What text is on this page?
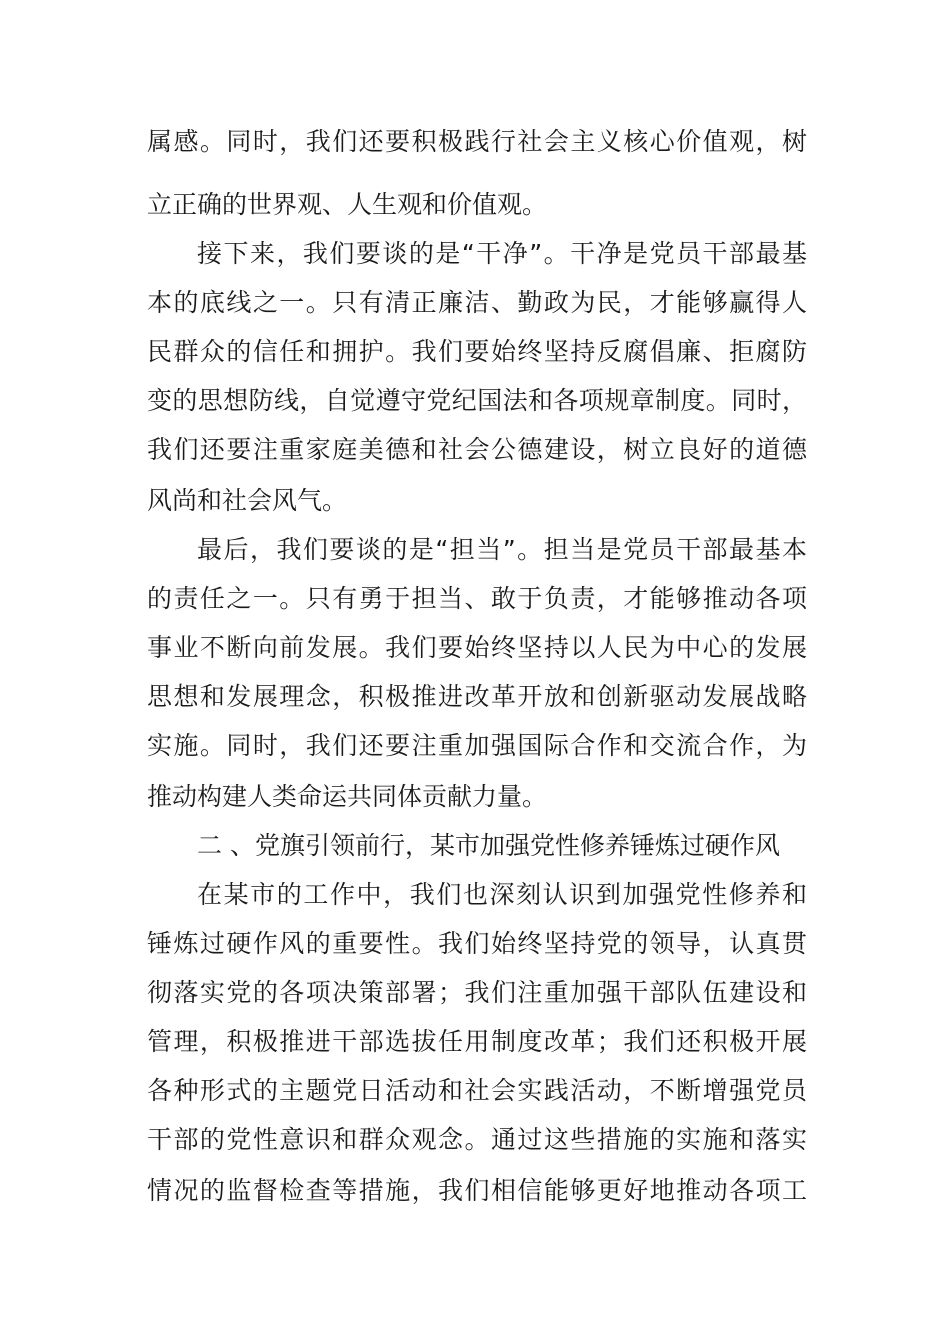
属感。同时，我们还要积极践行社会主义核心价值观，树
立正确的世界观、人生观和价值观。
接下来，我们要谈的是“干净”。干净是党员干部最基
本的底线之一。只有清正廉洁、勤政为民，才能够赢得人
民群众的信任和拥护。我们要始终坚持反腐倡廉、拒腐防
变的思想防线，自觉遵守党纪国法和各项规章制度。同时，
我们还要注重家庭美德和社会公德建设，树立良好的道德
风尚和社会风气。
最后，我们要谈的是“担当”。担当是党员干部最基本
的责任之一。只有勇于担当、敢于负责，才能够推动各项
事业不断向前发展。我们要始终坚持以人民为中心的发展
思想和发展理念，积极推进改革开放和创新驱动发展战略
实施。同时，我们还要注重加强国际合作和交流合作，为
推动构建人类命运共同体贡献力量。
二 、党旗引领前行，某市加强党性修养锤炼过硬作风
在某市的工作中，我们也深刻认识到加强党性修养和
锤炼过硬作风的重要性。我们始终坚持党的领导，认真贯
彻落实党的各项决策部署；我们注重加强干部队伍建设和
管理，积极推进干部选拔任用制度改革；我们还积极开展
各种形式的主题党日活动和社会实践活动，不断增强党员
干部的党性意识和群众观念。通过这些措施的实施和落实
情况的监督检查等措施，我们相信能够更好地推动各项工
